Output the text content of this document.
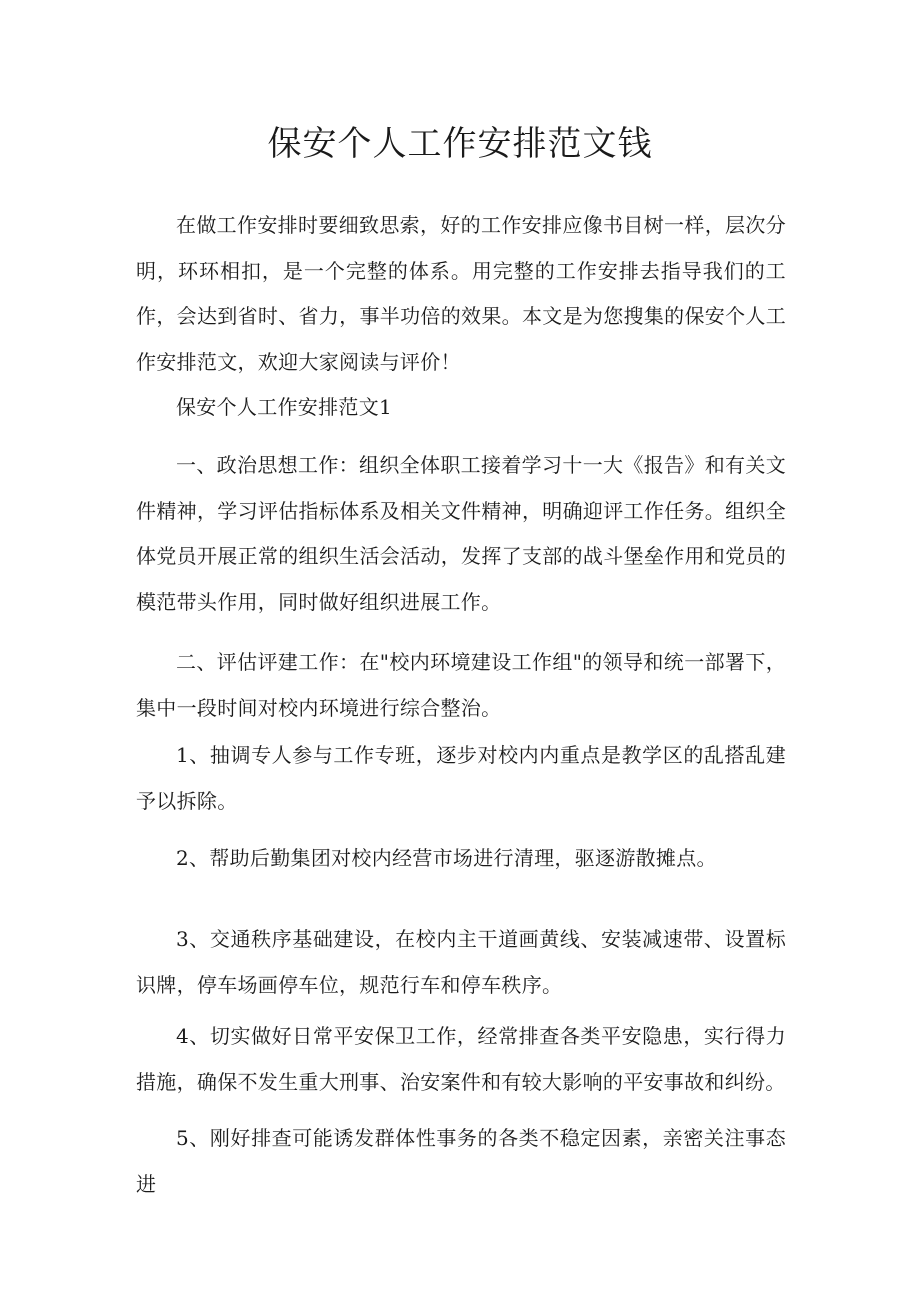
保安个人工作安排范文钱

在做工作安排时要细致思索，好的工作安排应像书目树一样，层次分明，环环相扣，是一个完整的体系。用完整的工作安排去指导我们的工作，会达到省时、省力，事半功倍的效果。本文是为您搜集的保安个人工作安排范文，欢迎大家阅读与评价！

保安个人工作安排范文1

一、政治思想工作：组织全体职工接着学习十一大《报告》和有关文件精神，学习评估指标体系及相关文件精神，明确迎评工作任务。组织全体党员开展正常的组织生活会活动，发挥了支部的战斗堡垒作用和党员的模范带头作用，同时做好组织进展工作。

二、评估评建工作：在"校内环境建设工作组"的领导和统一部署下，集中一段时间对校内环境进行综合整治。

1、抽调专人参与工作专班，逐步对校内内重点是教学区的乱搭乱建予以拆除。

2、帮助后勤集团对校内经营市场进行清理，驱逐游散摊点。

3、交通秩序基础建设，在校内主干道画黄线、安装减速带、设置标识牌，停车场画停车位，规范行车和停车秩序。

4、切实做好日常平安保卫工作，经常排查各类平安隐患，实行得力措施，确保不发生重大刑事、治安案件和有较大影响的平安事故和纠纷。

5、刚好排查可能诱发群体性事务的各类不稳定因素，亲密关注事态进
